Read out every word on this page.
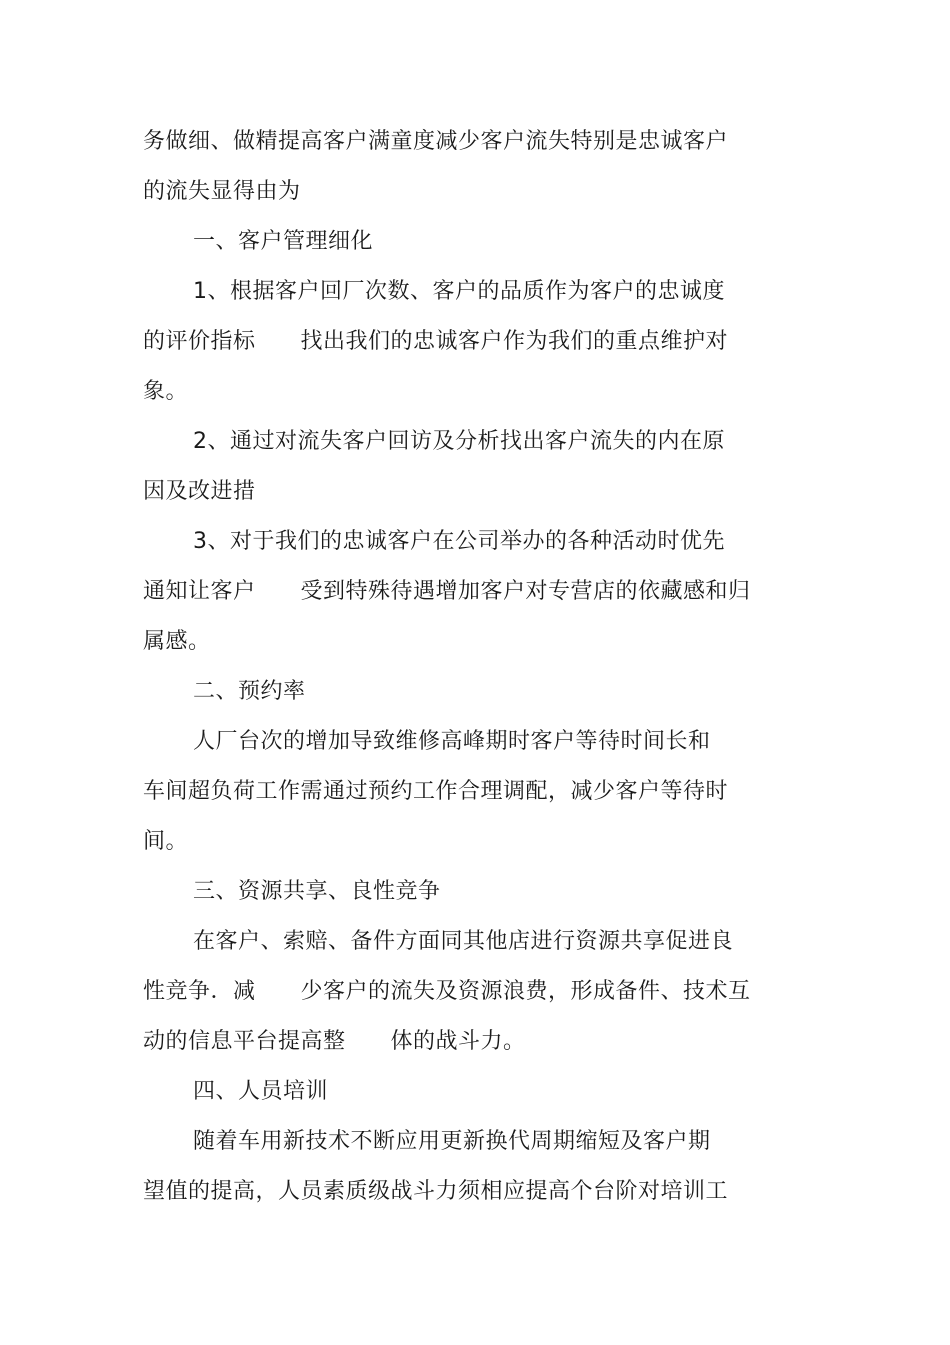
务做细、做精提高客户满童度减少客户流失特别是忠诚客户
的流失显得由为
一、客户管理细化
1、根据客户回厂次数、客户的品质作为客户的忠诚度
的评价指标      找出我们的忠诚客户作为我们的重点维护对
象。
2、通过对流失客户回访及分析找出客户流失的内在原
因及改进措
3、对于我们的忠诚客户在公司举办的各种活动时优先
通知让客户      受到特殊待遇增加客户对专营店的依藏感和归
属感。
二、预约率
人厂台次的增加导致维修高峰期时客户等待时间长和
车间超负荷工作需通过预约工作合理调配，减少客户等待时
间。
三、资源共享、良性竞争
在客户、索赔、备件方面同其他店进行资源共享促进良
性竞争．减      少客户的流失及资源浪费，形成备件、技术互
动的信息平台提高整      体的战斗力。
四、人员培训
随着车用新技术不断应用更新换代周期缩短及客户期
望值的提高，人员素质级战斗力须相应提高个台阶对培训工
